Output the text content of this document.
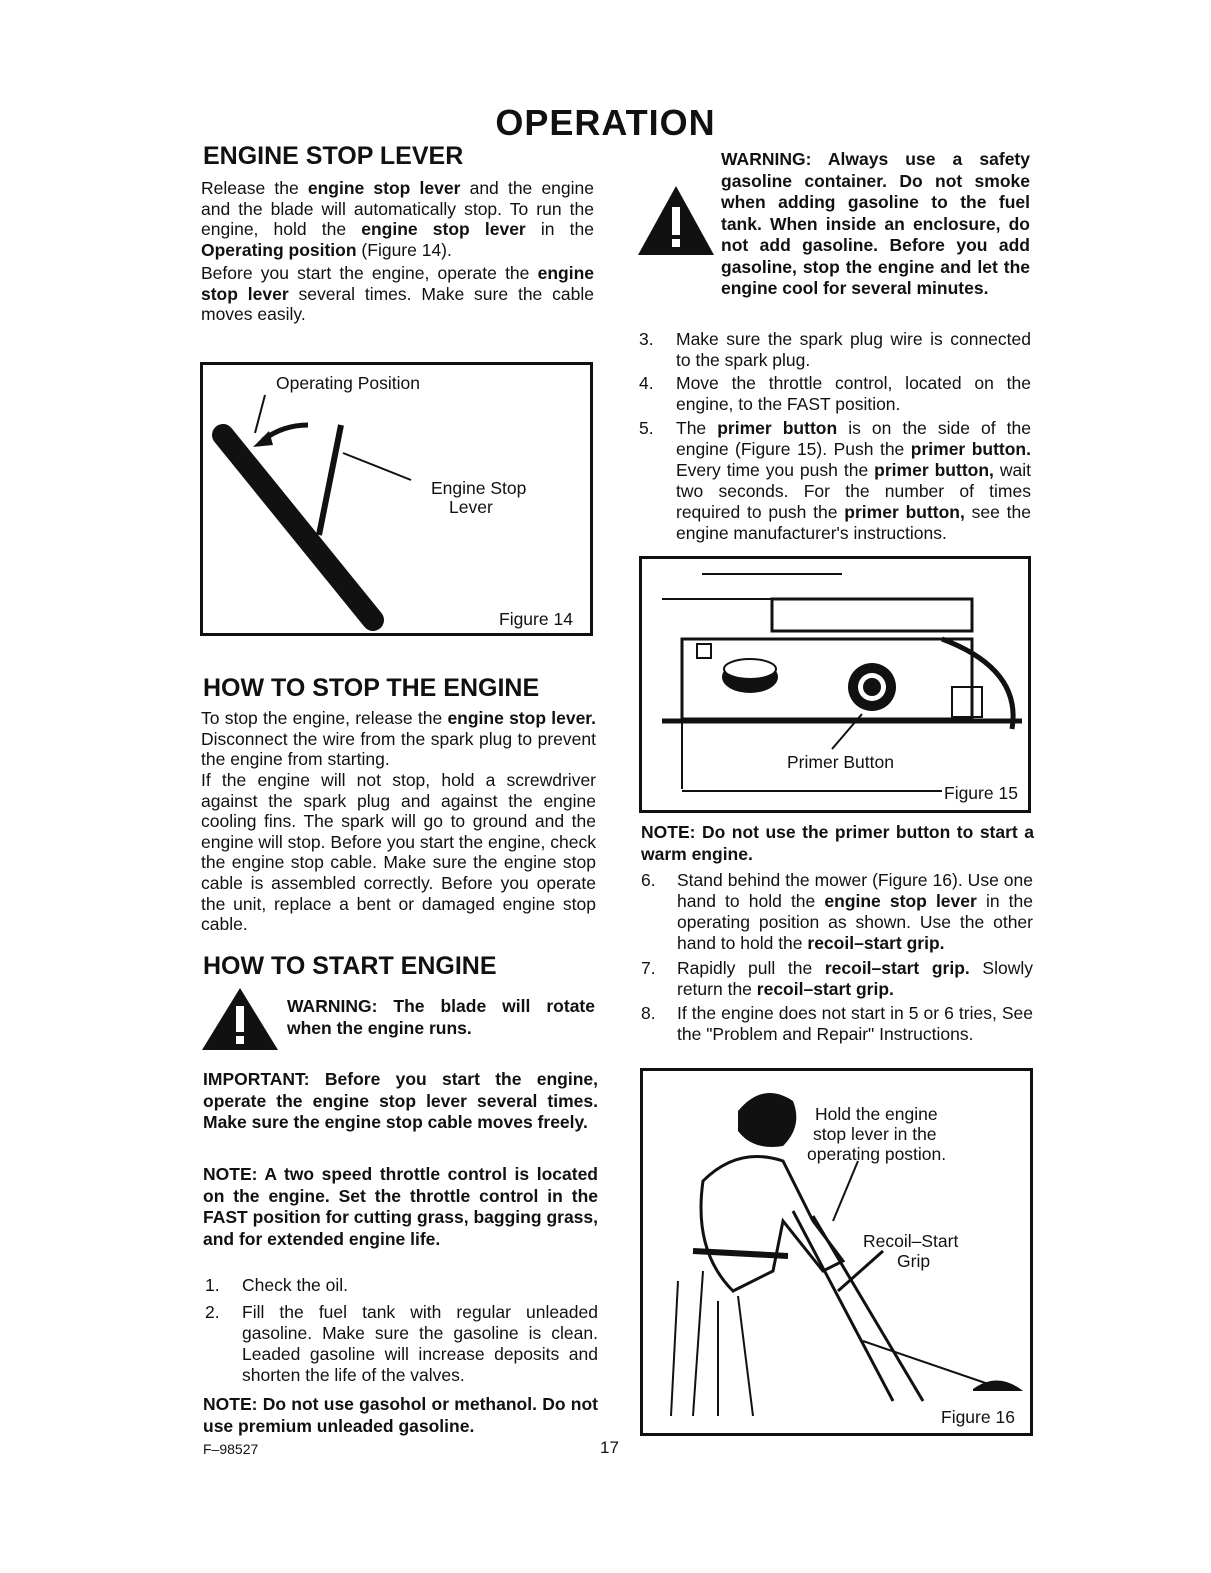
OPERATION
ENGINE STOP LEVER
Release the engine stop lever and the engine and the blade will automatically stop. To run the engine, hold the engine stop lever in the Operating position (Figure 14).
Before you start the engine, operate the engine stop lever several times. Make sure the cable moves easily.
Operating Position
Engine Stop
Lever
Figure 14
HOW TO STOP THE ENGINE
To stop the engine, release the engine stop lever. Disconnect the wire from the spark plug to prevent the engine from starting.
If the engine will not stop, hold a screwdriver against the spark plug and against the engine cooling fins. The spark will go to ground and the engine will stop. Before you start the engine, check the engine stop cable. Make sure the engine stop cable is assembled correctly. Before you operate the unit, replace a bent or damaged engine stop cable.
HOW TO START ENGINE
WARNING: The blade will rotate when the engine runs.
IMPORTANT: Before you start the engine, operate the engine stop lever several times. Make sure the engine stop cable moves freely.
NOTE: A two speed throttle control is located on the engine. Set the throttle control in the FAST position for cutting grass, bagging grass, and for extended engine life.
1. Check the oil.
2. Fill the fuel tank with regular unleaded gasoline. Make sure the gasoline is clean. Leaded gasoline will increase deposits and shorten the life of the valves.
NOTE: Do not use gasohol or methanol. Do not use premium unleaded gasoline.
F–98527	17
WARNING: Always use a safety gasoline container. Do not smoke when adding gasoline to the fuel tank. When inside an enclosure, do not add gasoline. Before you add gasoline, stop the engine and let the engine cool for several minutes.
3. Make sure the spark plug wire is connected to the spark plug.
4. Move the throttle control, located on the engine, to the FAST position.
5. The primer button is on the side of the engine (Figure 15). Push the primer button. Every time you push the primer button, wait two seconds. For the number of times required to push the primer button, see the engine manufacturer's instructions.
Primer Button
Figure 15
NOTE: Do not use the primer button to start a warm engine.
6. Stand behind the mower (Figure 16). Use one hand to hold the engine stop lever in the operating position as shown. Use the other hand to hold the recoil–start grip.
7. Rapidly pull the recoil–start grip. Slowly return the recoil–start grip.
8. If the engine does not start in 5 or 6 tries, See the "Problem and Repair" Instructions.
Hold the engine
stop lever in the
operating postion.
Recoil–Start
Grip
Figure 16
